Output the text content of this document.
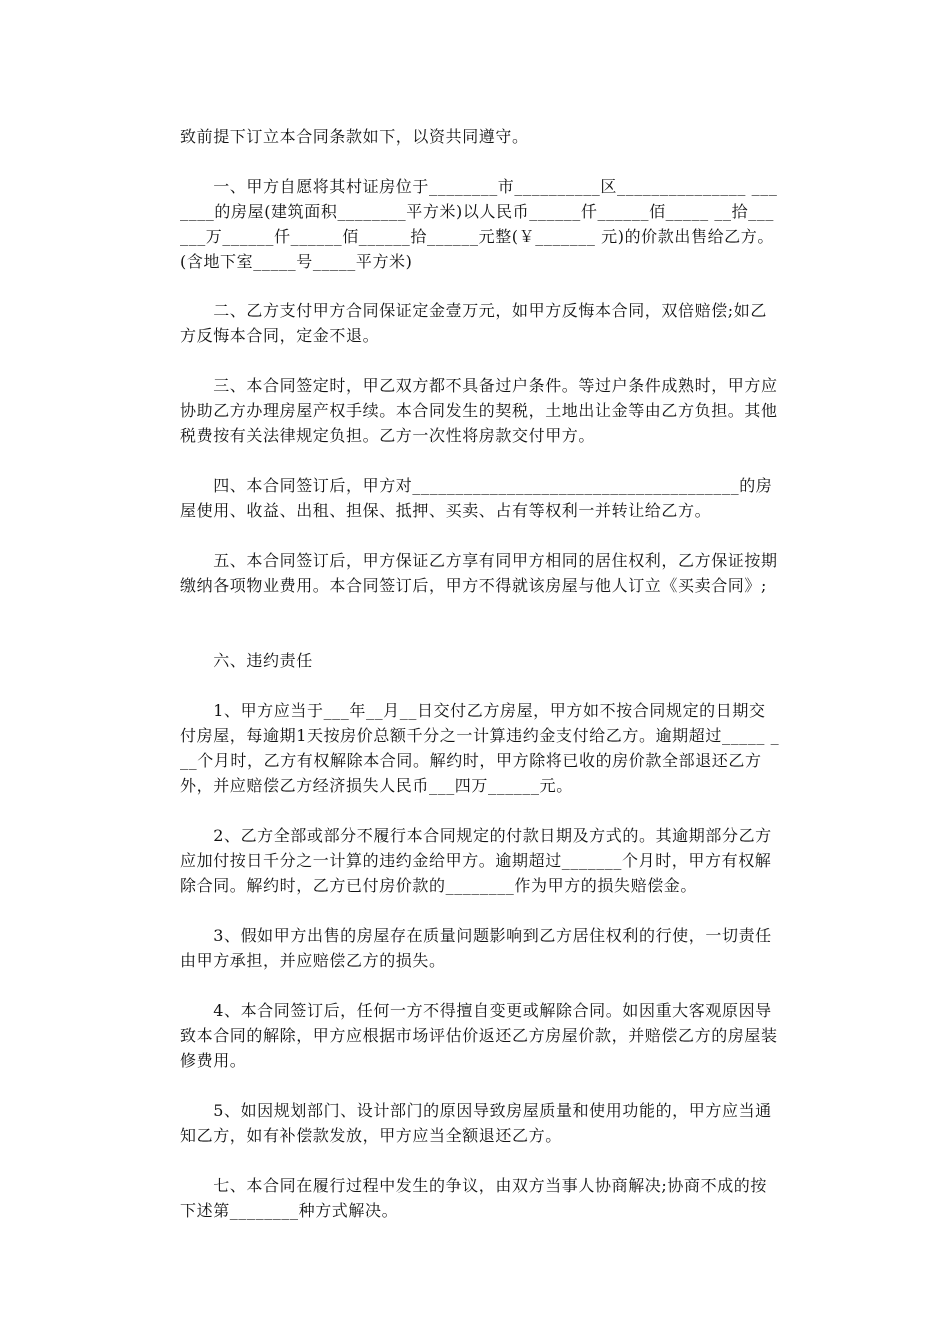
致前提下订立本合同条款如下，以资共同遵守。

　　一、甲方自愿将其村证房位于________市__________区_______________ _______的房屋(建筑面积________平方米)以人民币______仟______佰_____ __拾______万______仟______佰______拾______元整(￥_______ 元)的价款出售给乙方。(含地下室_____号_____平方米)

　　二、乙方支付甲方合同保证定金壹万元，如甲方反悔本合同，双倍赔偿;如乙方反悔本合同，定金不退。

　　三、本合同签定时，甲乙双方都不具备过户条件。等过户条件成熟时，甲方应协助乙方办理房屋产权手续。本合同发生的契税，土地出让金等由乙方负担。其他税费按有关法律规定负担。乙方一次性将房款交付甲方。

　　四、本合同签订后，甲方对______________________________________的房屋使用、收益、出租、担保、抵押、买卖、占有等权利一并转让给乙方。

　　五、本合同签订后，甲方保证乙方享有同甲方相同的居住权利，乙方保证按期缴纳各项物业费用。本合同签订后，甲方不得就该房屋与他人订立《买卖合同》;

　　六、违约责任

　　1、甲方应当于___年__月__日交付乙方房屋，甲方如不按合同规定的日期交付房屋，每逾期1天按房价总额千分之一计算违约金支付给乙方。逾期超过_____ ___个月时，乙方有权解除本合同。解约时，甲方除将已收的房价款全部退还乙方外，并应赔偿乙方经济损失人民币___四万______元。

　　2、乙方全部或部分不履行本合同规定的付款日期及方式的。其逾期部分乙方应加付按日千分之一计算的违约金给甲方。逾期超过_______个月时，甲方有权解除合同。解约时，乙方已付房价款的________作为甲方的损失赔偿金。

　　3、假如甲方出售的房屋存在质量问题影响到乙方居住权利的行使，一切责任由甲方承担，并应赔偿乙方的损失。

　　4、本合同签订后，任何一方不得擅自变更或解除合同。如因重大客观原因导致本合同的解除，甲方应根据市场评估价返还乙方房屋价款，并赔偿乙方的房屋装修费用。

　　5、如因规划部门、设计部门的原因导致房屋质量和使用功能的，甲方应当通知乙方，如有补偿款发放，甲方应当全额退还乙方。

　　七、本合同在履行过程中发生的争议，由双方当事人协商解决;协商不成的按下述第________种方式解决。
